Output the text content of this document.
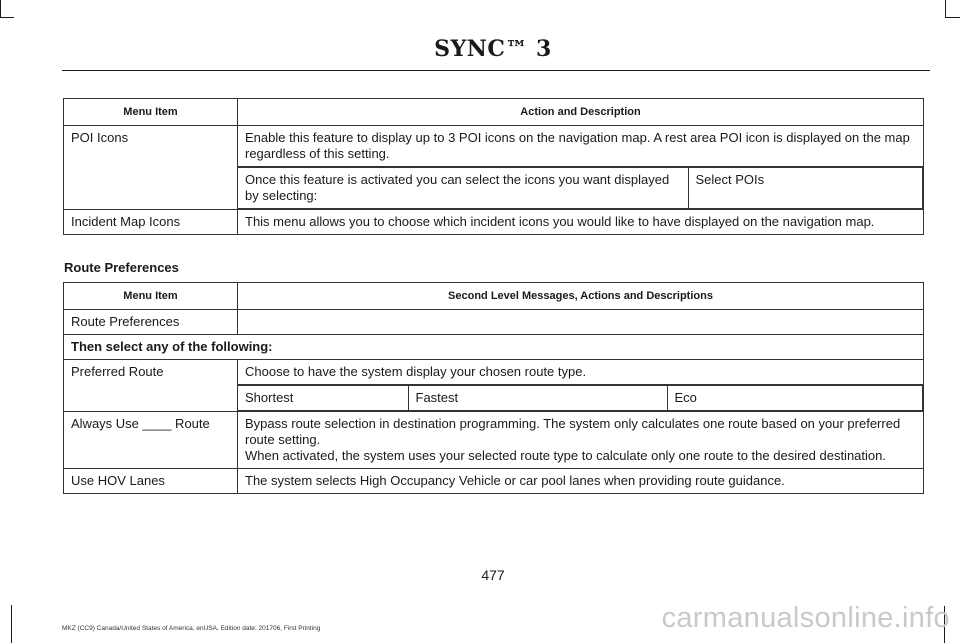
SYNC™ 3
Menu Item	Action and Description
POI Icons	Enable this feature to display up to 3 POI icons on the navigation map. A rest area POI icon is displayed on the map regardless of this setting.

Once this feature is activated you can select the icons you want displayed by selecting:	Select POIs

Incident Map Icons	This menu allows you to choose which incident icons you would like to have displayed on the navigation map.
Route Preferences
Menu Item	Second Level Messages, Actions and Descriptions
Route Preferences	
Then select any of the following:
Preferred Route	Choose to have the system display your chosen route type.

Shortest	Fastest	Eco

Always Use ____ Route	Bypass route selection in destination programming. The system only calculates one route based on your preferred route setting.
When activated, the system uses your selected route type to calculate only one route to the desired destination.

Use HOV Lanes	The system selects High Occupancy Vehicle or car pool lanes when providing route guidance.
477
MKZ (CC9) Canada/United States of America, enUSA, Edition date: 201706, First Printing	carmanualsonline.info
